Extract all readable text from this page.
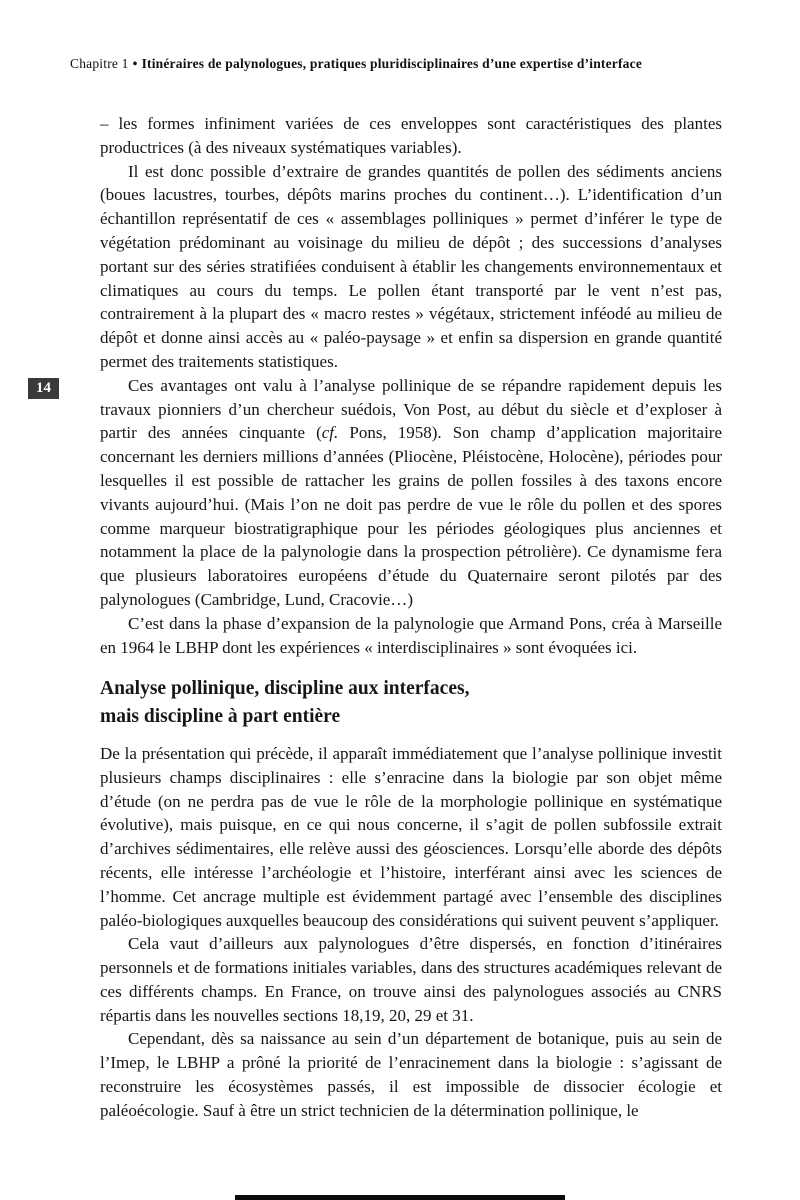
Chapitre 1 • Itinéraires de palynologues, pratiques pluridisciplinaires d’une expertise d’interface
14

– les formes infiniment variées de ces enveloppes sont caractéristiques des plantes productrices (à des niveaux systématiques variables).

Il est donc possible d’extraire de grandes quantités de pollen des sédiments anciens (boues lacustres, tourbes, dépôts marins proches du continent…). L’identification d’un échantillon représentatif de ces « assemblages polliniques » permet d’inférer le type de végétation prédominant au voisinage du milieu de dépôt ; des successions d’analyses portant sur des séries stratifiées conduisent à établir les changements environnementaux et climatiques au cours du temps. Le pollen étant transporté par le vent n’est pas, contrairement à la plupart des « macro restes » végétaux, strictement inféodé au milieu de dépôt et donne ainsi accès au « paléo-paysage » et enfin sa dispersion en grande quantité permet des traitements statistiques.

Ces avantages ont valu à l’analyse pollinique de se répandre rapidement depuis les travaux pionniers d’un chercheur suédois, Von Post, au début du siècle et d’exploser à partir des années cinquante (cf. Pons, 1958). Son champ d’application majoritaire concernant les derniers millions d’années (Pliocène, Pléistocène, Holocène), périodes pour lesquelles il est possible de rattacher les grains de pollen fossiles à des taxons encore vivants aujourd’hui. (Mais l’on ne doit pas perdre de vue le rôle du pollen et des spores comme marqueur biostratigraphique pour les périodes géologiques plus anciennes et notamment la place de la palynologie dans la prospection pétrolière). Ce dynamisme fera que plusieurs laboratoires européens d’étude du Quaternaire seront pilotés par des palynologues (Cambridge, Lund, Cracovie…)

C’est dans la phase d’expansion de la palynologie que Armand Pons, créa à Marseille en 1964 le LBHP dont les expériences « interdisciplinaires » sont évoquées ici.

Analyse pollinique, discipline aux interfaces,
mais discipline à part entière

De la présentation qui précède, il apparaît immédiatement que l’analyse pollinique investit plusieurs champs disciplinaires : elle s’enracine dans la biologie par son objet même d’étude (on ne perdra pas de vue le rôle de la morphologie pollinique en systématique évolutive), mais puisque, en ce qui nous concerne, il s’agit de pollen subfossile extrait d’archives sédimentaires, elle relève aussi des géosciences. Lorsqu’elle aborde des dépôts récents, elle intéresse l’archéologie et l’histoire, interférant ainsi avec les sciences de l’homme. Cet ancrage multiple est évidemment partagé avec l’ensemble des disciplines paléo-biologiques auxquelles beaucoup des considérations qui suivent peuvent s’appliquer.

Cela vaut d’ailleurs aux palynologues d’être dispersés, en fonction d’itinéraires personnels et de formations initiales variables, dans des structures académiques relevant de ces différents champs. En France, on trouve ainsi des palynologues associés au CNRS répartis dans les nouvelles sections 18,19, 20, 29 et 31.

Cependant, dès sa naissance au sein d’un département de botanique, puis au sein de l’Imep, le LBHP a prôné la priorité de l’enracinement dans la biologie : s’agissant de reconstruire les écosystèmes passés, il est impossible de dissocier écologie et paléoécologie. Sauf à être un strict technicien de la détermination pollinique, le
